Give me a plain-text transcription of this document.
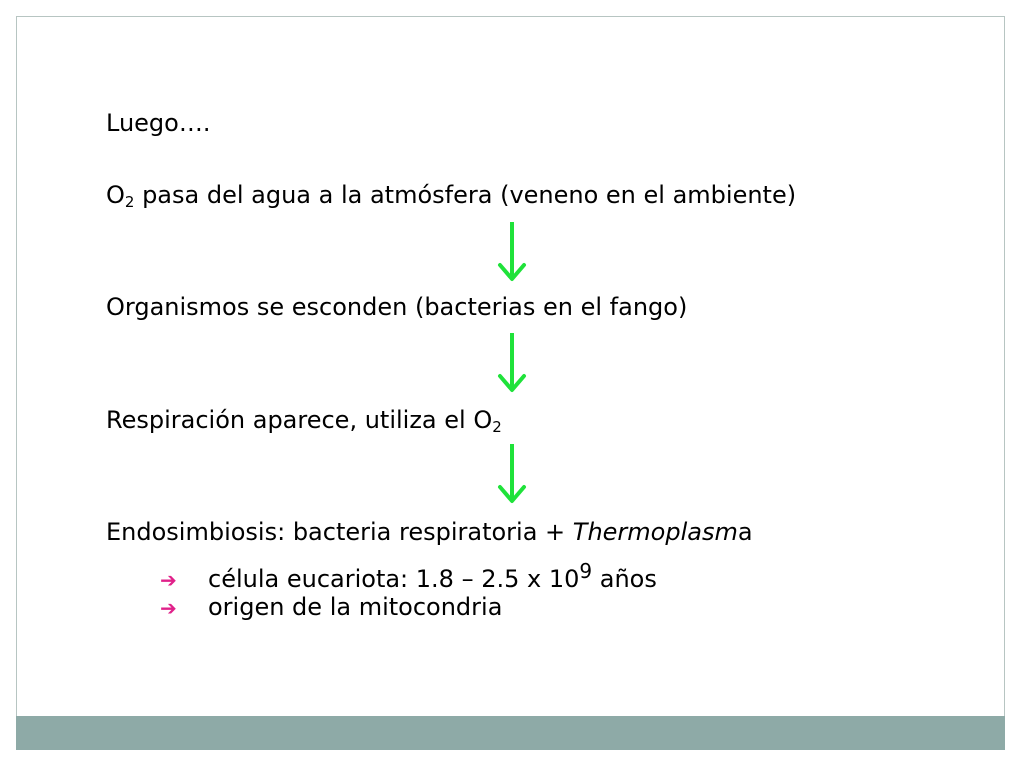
Luego….
$O_2$ pasa del agua a la atmósfera (veneno en el ambiente)
Organismos se esconden (bacterias en el fango)
Respiración aparece, utiliza el $O_2$
Endosimbiosis: bacteria respiratoria + Thermoplasma
➔ célula eucariota: 1.8 – 2.5 x $10^9$ años
➔ origen de la mitocondria
